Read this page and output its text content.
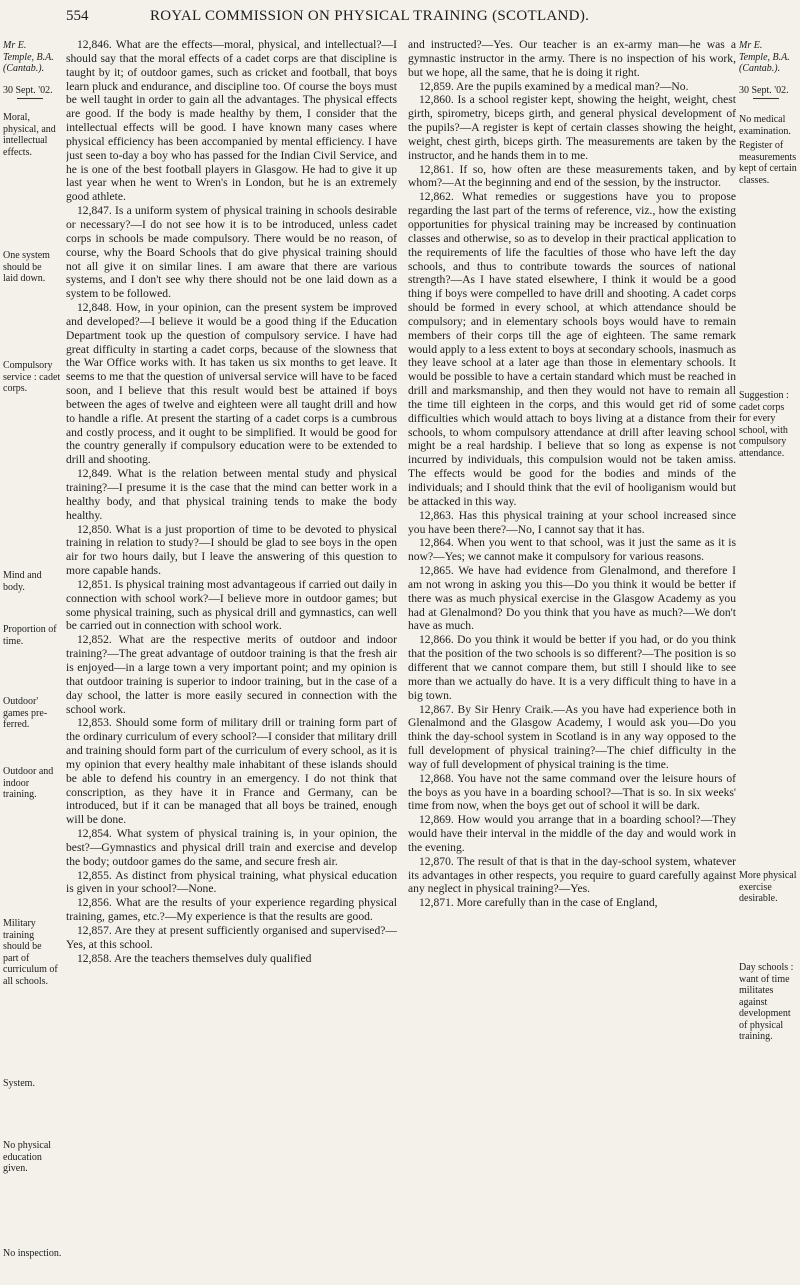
554	ROYAL COMMISSION ON PHYSICAL TRAINING (SCOTLAND).
Mr E.
Temple, B.A.
(Cantab.).
30 Sept. '02.
Moral,
physical, and
intellectual
effects.
One system
should be
laid down.
Compulsory
service : cadet
corps.
Mind and
body.
Proportion of
time.
Outdoor'
games pre-
ferred.
Outdoor and
indoor
training.
Military
training
should be
part of
curriculum of
all schools.
System.
No physical
education
given.
No inspection.

12,846. What are the effects—moral, physical, and intellectual?—I should say that the moral effects of a cadet corps are that discipline is taught by it; of outdoor games, such as cricket and football, that boys learn pluck and endurance, and discipline too. Of course the boys must be well taught in order to gain all the advantages. The physical effects are good. If the body is made healthy by them, I consider that the intellectual effects will be good. I have known many cases where physical efficiency has been accompanied by mental efficiency. I have just seen to-day a boy who has passed for the Indian Civil Service, and he is one of the best football players in Glasgow. He had to give it up last year when he went to Wren's in London, but he is an extremely good athlete.

12,847. Is a uniform system of physical training in schools desirable or necessary?—I do not see how it is to be introduced, unless cadet corps in schools be made compulsory. There would be no reason, of course, why the Board Schools that do give physical training should not all give it on similar lines. I am aware that there are various systems, and I don't see why there should not be one laid down as a system to be followed.

12,848. How, in your opinion, can the present system be improved and developed?—I believe it would be a good thing if the Education Department took up the question of compulsory service. I have had great difficulty in starting a cadet corps, because of the slowness that the War Office works with. It has taken us six months to get leave. It seems to me that the question of universal service will have to be faced soon, and I believe that this result would best be attained if boys between the ages of twelve and eighteen were all taught drill and how to handle a rifle. At present the starting of a cadet corps is a cumbrous and costly process, and it ought to be simplified. It would be good for the country generally if compulsory education were to be extended to drill and shooting.

12,849. What is the relation between mental study and physical training?—I presume it is the case that the mind can better work in a healthy body, and that physical training tends to make the body healthy.

12,850. What is a just proportion of time to be devoted to physical training in relation to study?—I should be glad to see boys in the open air for two hours daily, but I leave the answering of this question to more capable hands.

12,851. Is physical training most advantageous if carried out daily in connection with school work?—I believe more in outdoor games; but some physical training, such as physical drill and gymnastics, can well be carried out in connection with school work.

12,852. What are the respective merits of outdoor and indoor training?—The great advantage of outdoor training is that the fresh air is enjoyed—in a large town a very important point; and my opinion is that outdoor training is superior to indoor training, but in the case of a day school, the latter is more easily secured in connection with the school work.

12,853. Should some form of military drill or training form part of the ordinary curriculum of every school?—I consider that military drill and training should form part of the curriculum of every school, as it is my opinion that every healthy male inhabitant of these islands should be able to defend his country in an emergency. I do not think that conscription, as they have it in France and Germany, can be introduced, but if it can be managed that all boys be trained, enough will be done.

12,854. What system of physical training is, in your opinion, the best?—Gymnastics and physical drill train and exercise and develop the body; outdoor games do the same, and secure fresh air.

12,855. As distinct from physical training, what physical education is given in your school?—None.

12,856. What are the results of your experience regarding physical training, games, etc.?—My experience is that the results are good.

12,857. Are they at present sufficiently organised and supervised?—Yes, at this school.

12,858. Are the teachers themselves duly qualified

and instructed?—Yes. Our teacher is an ex-army man—he was a gymnastic instructor in the army. There is no inspection of his work, but we hope, all the same, that he is doing it right.

12,859. Are the pupils examined by a medical man?—No.

12,860. Is a school register kept, showing the height, weight, chest girth, spirometry, biceps girth, and general physical development of the pupils?—A register is kept of certain classes showing the height, weight, chest girth, biceps girth. The measurements are taken by the instructor, and he hands them in to me.

12,861. If so, how often are these measurements taken, and by whom?—At the beginning and end of the session, by the instructor.

12,862. What remedies or suggestions have you to propose regarding the last part of the terms of reference, viz., how the existing opportunities for physical training may be increased by continuation classes and otherwise, so as to develop in their practical application to the requirements of life the faculties of those who have left the day schools, and thus to contribute towards the sources of national strength?—As I have stated elsewhere, I think it would be a good thing if boys were compelled to have drill and shooting. A cadet corps should be formed in every school, at which attendance should be compulsory; and in elementary schools boys would have to remain members of their corps till the age of eighteen. The same remark would apply to a less extent to boys at secondary schools, inasmuch as they leave school at a later age than those in elementary schools. It would be possible to have a certain standard which must be reached in drill and marksmanship, and then they would not have to remain all the time till eighteen in the corps, and this would get rid of some difficulties which would attach to boys living at a distance from their schools, to whom compulsory attendance at drill after leaving school might be a real hardship. I believe that so long as expense is not incurred by individuals, this compulsion would not be taken amiss. The effects would be good for the bodies and minds of the individuals; and I should think that the evil of hooliganism would but be attacked in this way.

12,863. Has this physical training at your school increased since you have been there?—No, I cannot say that it has.

12,864. When you went to that school, was it just the same as it is now?—Yes; we cannot make it compulsory for various reasons.

12,865. We have had evidence from Glenalmond, and therefore I am not wrong in asking you this—Do you think it would be better if there was as much physical exercise in the Glasgow Academy as you had at Glenalmond? Do you think that you have as much?—We don't have as much.

12,866. Do you think it would be better if you had, or do you think that the position of the two schools is so different?—The position is so different that we cannot compare them, but still I should like to see more than we actually do have. It is a very difficult thing to have in a big town.

12,867. By Sir Henry Craik.—As you have had experience both in Glenalmond and the Glasgow Academy, I would ask you—Do you think the day-school system in Scotland is in any way opposed to the full development of physical training?—The chief difficulty in the way of full development of physical training is the time.

12,868. You have not the same command over the leisure hours of the boys as you have in a boarding school?—That is so. In six weeks' time from now, when the boys get out of school it will be dark.

12,869. How would you arrange that in a boarding school?—They would have their interval in the middle of the day and would work in the evening.

12,870. The result of that is that in the day-school system, whatever its advantages in other respects, you require to guard carefully against any neglect in physical training?—Yes.

12,871. More carefully than in the case of England,

Mr E.
Temple, B.A.
(Cantab.).
30 Sept. '02.
No medical
examination.
Register of
measurements
kept of certain
classes.
Suggestion :
cadet corps
for every
school, with
compulsory
attendance.
More physical
exercise
desirable.
Day schools :
want of time
militates
against
development
of physical
training.
